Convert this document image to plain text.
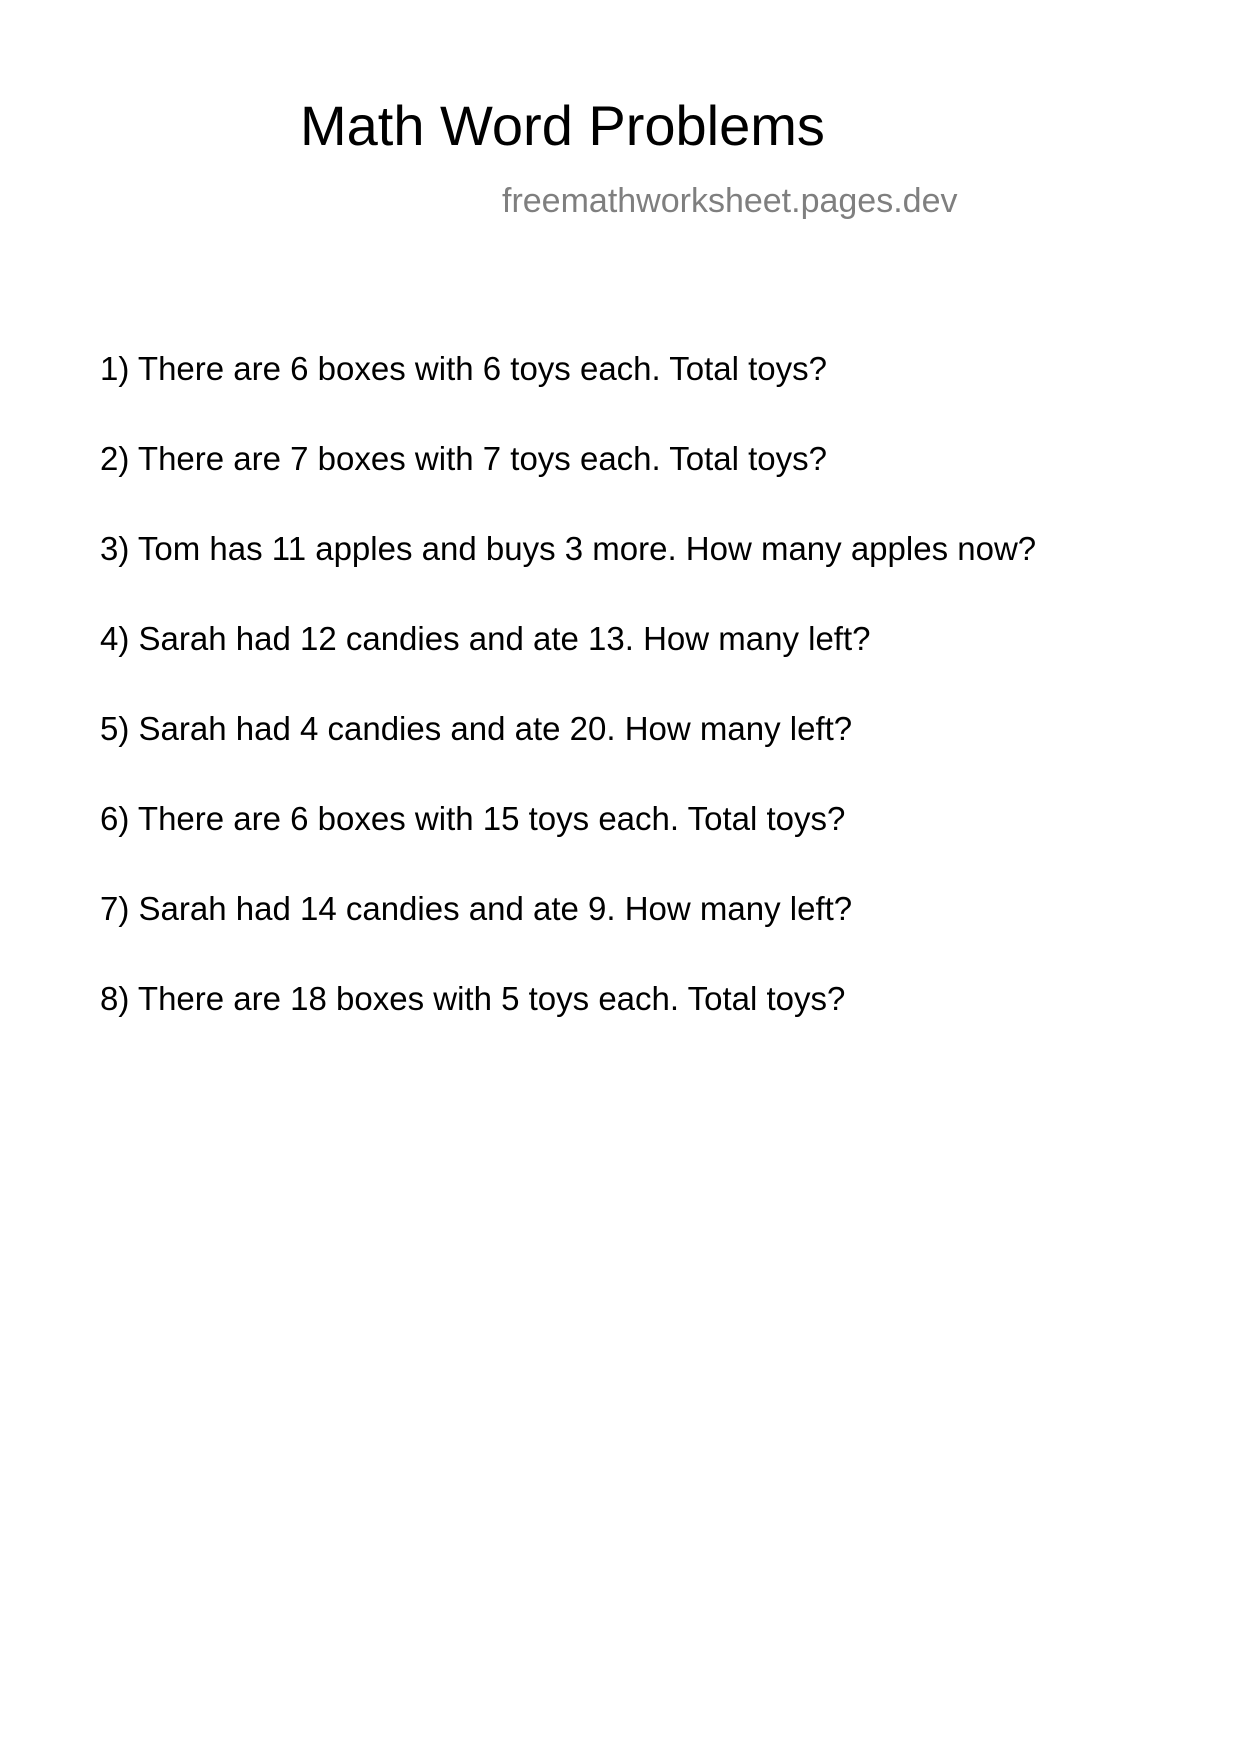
Math Word Problems
freemathworksheet.pages.dev
1) There are 6 boxes with 6 toys each. Total toys?
2) There are 7 boxes with 7 toys each. Total toys?
3) Tom has 11 apples and buys 3 more. How many apples now?
4) Sarah had 12 candies and ate 13. How many left?
5) Sarah had 4 candies and ate 20. How many left?
6) There are 6 boxes with 15 toys each. Total toys?
7) Sarah had 14 candies and ate 9. How many left?
8) There are 18 boxes with 5 toys each. Total toys?
